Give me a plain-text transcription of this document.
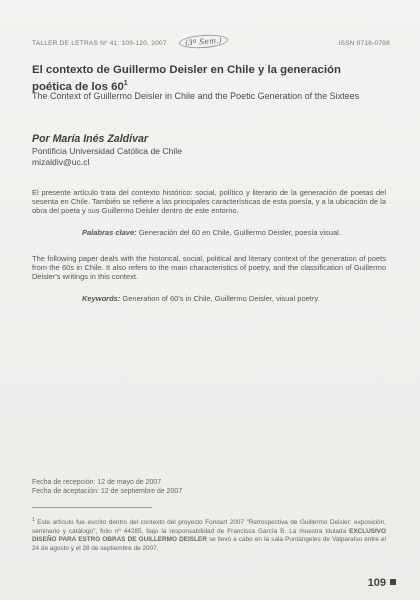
TALLER DE LETRAS Nº 41: 109-120, 2007	(3º Sem.)	ISSN 0716-0798
El contexto de Guillermo Deisler en Chile y la generación poética de los $60^1$
The Context of Guillermo Deisler in Chile and the Poetic Generation of the Sixtees
Por María Inés Zaldívar
Pontificia Universidad Católica de Chile
mizaldiv@uc.cl
El presente artículo trata del contexto histórico: social, político y literario de la generación de poetas del sesenta en Chile. También se refiere a las principales características de esta poesía, y a la ubicación de la obra del poeta y sus Guillermo Deisler dentro de este entorno.
Palabras clave: Generación del 60 en Chile, Guillermo Deisler, poesía visual.
The following paper deals with the historical, social, political and literary context of the generation of poets from the 60s in Chile. It also refers to the main characteristics of poetry, and the classification of Guillermo Deisler's writings in this context.
Keywords: Generation of 60's in Chile, Guillermo Deisler, visual poetry.
Fecha de recepción: 12 de mayo de 2007
Fecha de aceptación: 12 de septiembre de 2007
$^1$ Este artículo fue escrito dentro del contexto del proyecto Fondart 2007 "Retrospectiva de Guillermo Deisler: exposición, seminario y catálogo", folio nº 44285, bajo la responsabilidad de Francisca García B. La muestra titulada EXCLUSIVO DISEÑO PARA ESTRO OBRAS DE GUILLERMO DEISLER se llevó a cabo en la sala Puntángeles de Valparaíso entre el 24 de agosto y el 28 de septiembre de 2007.
109
